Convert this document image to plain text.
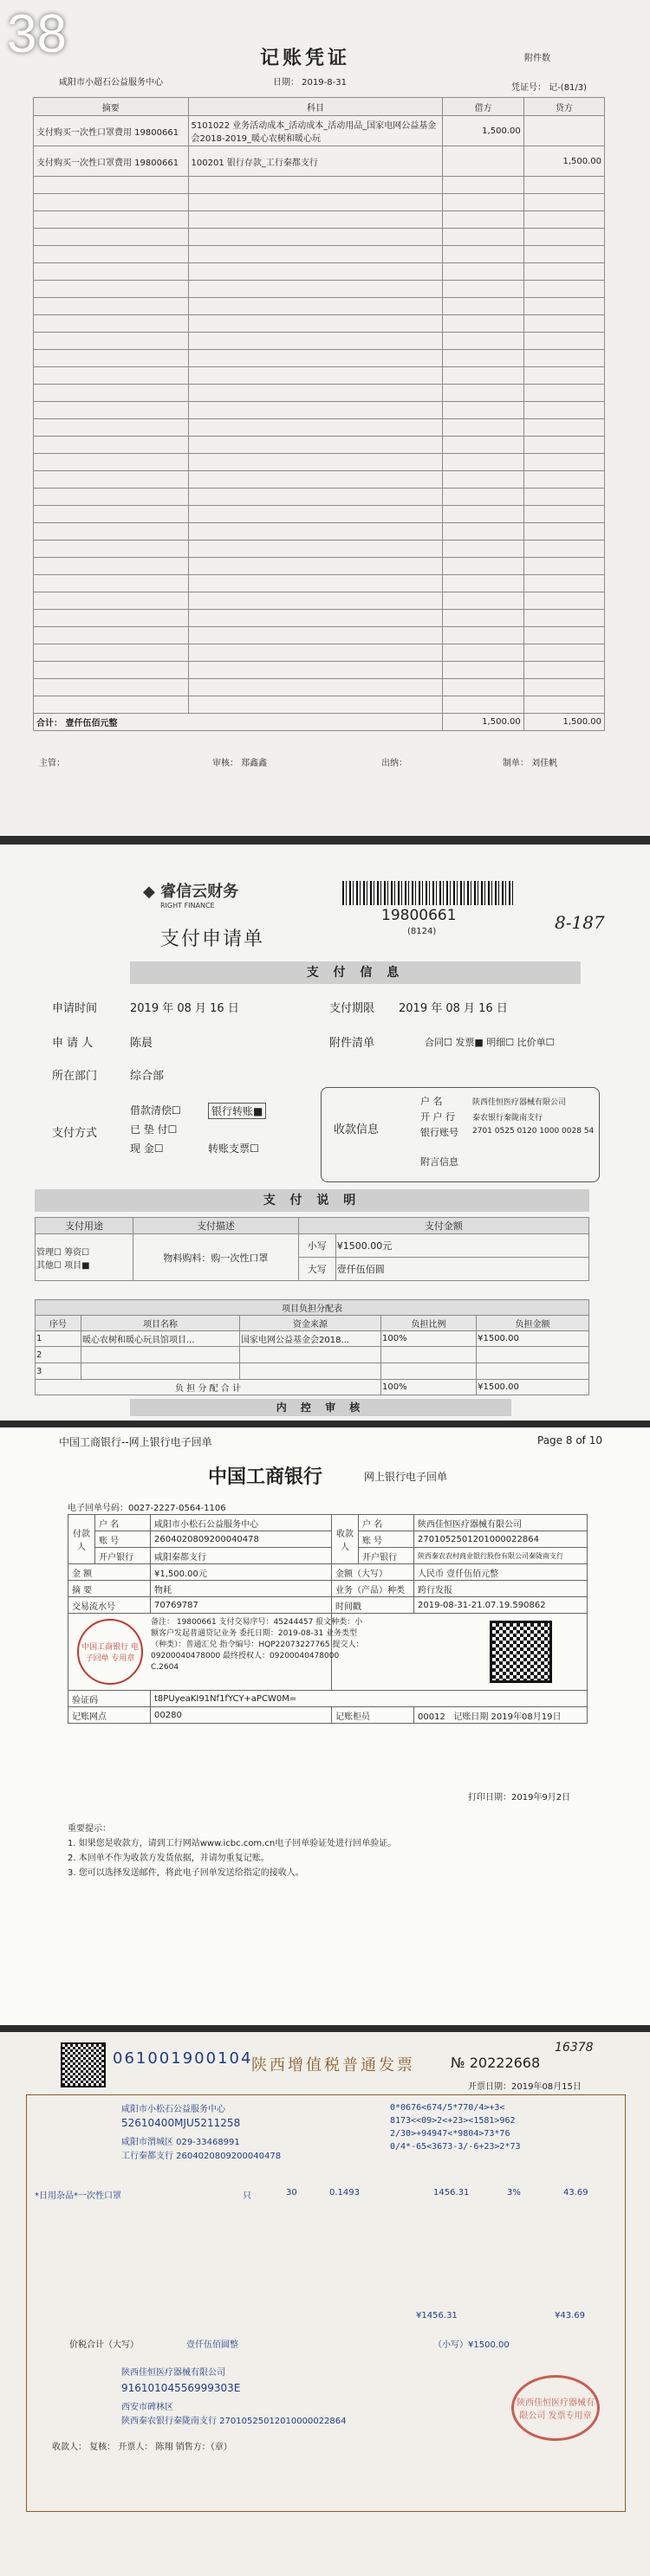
38	记账凭证	附件数
咸阳市小超石公益服务中心	日期： 2019-8-31
凭证号： 记-(81/3)
摘要	科目	借方	贷方
支付购买一次性口罩费用 19800661	5101022 业务活动成本_活动成本_活动用品_国家电网公益基金会2018-2019_暖心农树和暖心玩	1,500.00	
支付购买一次性口罩费用 19800661	100201 银行存款_工行秦都支行		1,500.00

合计： 壹仟伍佰元整		1,500.00	1,500.00
主管：	审核： 郑鑫鑫	出纳：	制单： 刘佳帆
◆ 睿信云财务
RIGHT FINANCE
19800661
(8124)	8-187
支付申请单
支 付 信 息
申请时间	2019 年 08 月 16 日	支付期限 2019 年 08 月 16 日
申 请 人	陈晨	附件清单	合同☐ 发票■ 明细☐ 比价单☐
所在部门	综合部
支付方式
借款清偿☐
已 垫 付☐
现 金☐
银行转账■
转账支票☐
收款信息
户 名	陕西佳恒医疗器械有限公司
开 户 行 泰农银行秦陇南支行
银行账号 2701 0525 0120 1000 0028 54
附言信息
支 付 说 明
支付用途	支付描述	支付金额	
管理☐ 筹资☐
其他☐ 项目■	物料购料：购一次性口罩	小写	¥1500.00元
		大写	壹仟伍佰圆
项目负担分配表				
序号	项目名称	资金来源	负担比例	负担金额
1	暖心农树和暖心玩具馆项目...	国家电网公益基金会2018...	100%	¥1500.00
2				
3				
负 担 分 配 合 计			100%	¥1500.00
内 控 审 核
中国工商银行--网上银行电子回单	Page 8 of 10
中国工商银行	网上银行电子回单
电子回单号码：0027-2227-0564-1106
付款人	户 名	咸阳市小松石公益服务中心	收款人	户 名	陕西佳恒医疗器械有限公司
	账 号	2604020809200040478		账 号	2701052501201000022864
	开户银行	咸阳秦都支行		开户银行	陕西秦农农村商业银行股份有限公司秦陇南支行
金 额		¥1,500.00元	金额（大写）		人民币 壹仟伍佰元整
摘 要		物耗	业务（产品）种类		跨行发报
交易流水号		70769787	时间戳		2019-08-31-21.07.19.590862

中国工商银行 电子回单 专用章
备注： 19800661 支付交易序号：45244457 报文种类：小额客户发起普通贷记业务 委托日期：2019-08-31 业务类型（种类）：普通汇兑 指令编号：HQP22073227765 提交人：09200040478000 最终授权人：09200040478000 C.2604					

验证码		t8PUyeaKI91Nf1fYCY+aPCW0M=			
记账网点		00280	记账柜员		00012 记账日期 2019年08月19日
打印日期：2019年9月2日
重要提示：
1. 如果您是收款方，请到工行网站www.icbc.com.cn电子回单验证处进行回单验证。
2. 本回单不作为收款方发货依据，并请勿重复记账。
3. 您可以选择发送邮件，将此电子回单发送给指定的接收人。
061001900104
陕西增值税普通发票	№ 20222668
16378
开票日期：2019年08月15日
咸阳市小松石公益服务中心
52610400MJU5211258
咸阳市渭城区 029-33468991
工行秦都支行 2604020809200040478
0*0676<674/5*770/4>+3<
8173<<09>2<+23><1581>962
2/30>+94947<*9804>73*76
0/4*-65<3673-3/-6+23>2*73
*日用杂品*一次性口罩	只	30	0.1493	1456.31	3%	43.69
¥1456.31	¥43.69
价税合计（大写）	壹仟伍佰圆整	（小写）¥1500.00
陕西佳恒医疗器械有限公司
91610104556999303E
西安市碑林区
陕西秦农银行秦陇南支行 27010525012010000022864
陕西佳恒医疗器械有限公司 发票专用章
收款人： 复核： 开票人： 陈翔 销售方：（章）
